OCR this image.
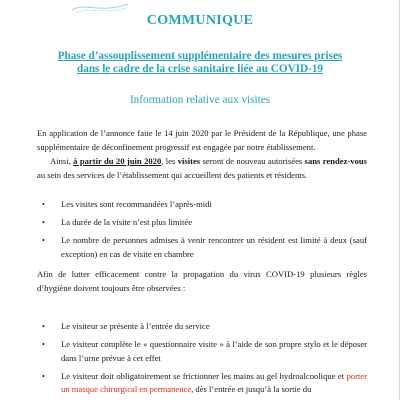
COMMUNIQUE
Phase d’assouplissement supplémentaire des mesures prises
dans le cadre de la crise sanitaire liée au COVID-19
Information relative aux visites
En application de l’annonce faite le 14 juin 2020 par le Président de la République, une phase supplémentaire de déconfinement progressif est engagée par notre établissement.
Ainsi, à partir du 20 juin 2020, les visites seront de nouveau autorisées sans rendez-vous au sein des services de l’établissement qui accueillent des patients et résidents.
• Les visites sont recommandées l’après-midi
• La durée de la visite n’est plus limitée
• Le nombre de personnes admises à venir rencontrer un résident est limité à deux (sauf exception) en cas de visite en chambre
Afin de lutter efficacement contre la propagation du virus COVID-19 plusieurs règles d’hygiène doivent toujours être observées :
• Le visiteur se présente à l’entrée du service
• Le visiteur complète le « questionnaire visite » à l’aide de son propre stylo et le déposer dans l’urne prévue à cet effet
• Le visiteur doit obligatoirement se frictionner les mains au gel hydroalcoolique et porter un masque chirurgical en permanence, dès l’entrée et jusqu’à la sortie du
